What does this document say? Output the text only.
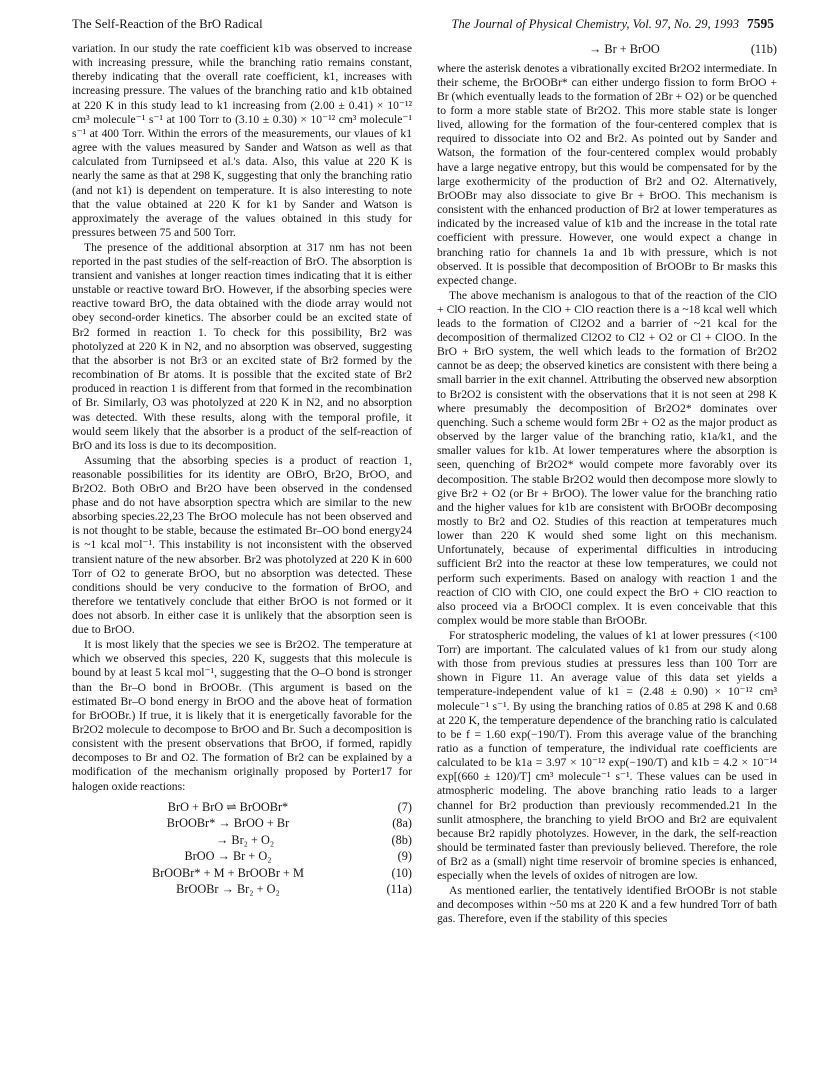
The Self-Reaction of the BrO Radical	The Journal of Physical Chemistry, Vol. 97, No. 29, 1993 7595

variation. In our study the rate coefficient k1b was observed to increase with increasing pressure, while the branching ratio remains constant, thereby indicating that the overall rate coefficient, k1, increases with increasing pressure. The values of the branching ratio and k1b obtained at 220 K in this study lead to k1 increasing from (2.00 ± 0.41) × 10⁻¹² cm³ molecule⁻¹ s⁻¹ at 100 Torr to (3.10 ± 0.30) × 10⁻¹² cm³ molecule⁻¹ s⁻¹ at 400 Torr. Within the errors of the measurements, our vlaues of k1 agree with the values measured by Sander and Watson as well as that calculated from Turnipseed et al.'s data. Also, this value at 220 K is nearly the same as that at 298 K, suggesting that only the branching ratio (and not k1) is dependent on temperature. It is also interesting to note that the value obtained at 220 K for k1 by Sander and Watson is approximately the average of the values obtained in this study for pressures between 75 and 500 Torr.

The presence of the additional absorption at 317 nm has not been reported in the past studies of the self-reaction of BrO. The absorption is transient and vanishes at longer reaction times indicating that it is either unstable or reactive toward BrO. However, if the absorbing species were reactive toward BrO, the data obtained with the diode array would not obey second-order kinetics. The absorber could be an excited state of Br2 formed in reaction 1. To check for this possibility, Br2 was photolyzed at 220 K in N2, and no absorption was observed, suggesting that the absorber is not Br3 or an excited state of Br2 formed by the recombination of Br atoms. It is possible that the excited state of Br2 produced in reaction 1 is different from that formed in the recombination of Br. Similarly, O3 was photolyzed at 220 K in N2, and no absorption was detected. With these results, along with the temporal profile, it would seem likely that the absorber is a product of the self-reaction of BrO and its loss is due to its decomposition.

Assuming that the absorbing species is a product of reaction 1, reasonable possibilities for its identity are OBrO, Br2O, BrOO, and Br2O2. Both OBrO and Br2O have been observed in the condensed phase and do not have absorption spectra which are similar to the new absorbing species.22,23 The BrOO molecule has not been observed and is not thought to be stable, because the estimated Br–OO bond energy24 is ~1 kcal mol⁻¹. This instability is not inconsistent with the observed transient nature of the new absorber. Br2 was photolyzed at 220 K in 600 Torr of O2 to generate BrOO, but no absorption was detected. These conditions should be very conducive to the formation of BrOO, and therefore we tentatively conclude that either BrOO is not formed or it does not absorb. In either case it is unlikely that the absorption seen is due to BrOO.

It is most likely that the species we see is Br2O2. The temperature at which we observed this species, 220 K, suggests that this molecule is bound by at least 5 kcal mol⁻¹, suggesting that the O–O bond is stronger than the Br–O bond in BrOOBr. (This argument is based on the estimated Br–O bond energy in BrOO and the above heat of formation for BrOOBr.) If true, it is likely that it is energetically favorable for the Br2O2 molecule to decompose to BrOO and Br. Such a decomposition is consistent with the present observations that BrOO, if formed, rapidly decomposes to Br and O2. The formation of Br2 can be explained by a modification of the mechanism originally proposed by Porter17 for halogen oxide reactions:

BrO + BrO ⇌ BrOOBr*	(7)
BrOOBr* → BrOO + Br	(8a)
→ Br₂ + O₂	(8b)
BrOO → Br + O₂	(9)
BrOOBr* + M + BrOOBr + M	(10)
BrOOBr → Br₂ + O₂	(11a)
→ Br + BrOO	(11b)

where the asterisk denotes a vibrationally excited Br2O2 intermediate. In their scheme, the BrOOBr* can either undergo fission to form BrOO + Br (which eventually leads to the formation of 2Br + O2) or be quenched to form a more stable state of Br2O2. This more stable state is longer lived, allowing for the formation of the four-centered complex that is required to dissociate into O2 and Br2. As pointed out by Sander and Watson, the formation of the four-centered complex would probably have a large negative entropy, but this would be compensated for by the large exothermicity of the production of Br2 and O2. Alternatively, BrOOBr may also dissociate to give Br + BrOO. This mechanism is consistent with the enhanced production of Br2 at lower temperatures as indicated by the increased value of k1b and the increase in the total rate coefficient with pressure. However, one would expect a change in branching ratio for channels 1a and 1b with pressure, which is not observed. It is possible that decomposition of BrOOBr to Br masks this expected change.

The above mechanism is analogous to that of the reaction of the ClO + ClO reaction. In the ClO + ClO reaction there is a ~18 kcal well which leads to the formation of Cl2O2 and a barrier of ~21 kcal for the decomposition of thermalized Cl2O2 to Cl2 + O2 or Cl + ClOO. In the BrO + BrO system, the well which leads to the formation of Br2O2 cannot be as deep; the observed kinetics are consistent with there being a small barrier in the exit channel. Attributing the observed new absorption to Br2O2 is consistent with the observations that it is not seen at 298 K where presumably the decomposition of Br2O2* dominates over quenching. Such a scheme would form 2Br + O2 as the major product as observed by the larger value of the branching ratio, k1a/k1, and the smaller values for k1b. At lower temperatures where the absorption is seen, quenching of Br2O2* would compete more favorably over its decomposition. The stable Br2O2 would then decompose more slowly to give Br2 + O2 (or Br + BrOO). The lower value for the branching ratio and the higher values for k1b are consistent with BrOOBr decomposing mostly to Br2 and O2. Studies of this reaction at temperatures much lower than 220 K would shed some light on this mechanism. Unfortunately, because of experimental difficulties in introducing sufficient Br2 into the reactor at these low temperatures, we could not perform such experiments. Based on analogy with reaction 1 and the reaction of ClO with ClO, one could expect the BrO + ClO reaction to also proceed via a BrOOCl complex. It is even conceivable that this complex would be more stable than BrOOBr.

For stratospheric modeling, the values of k1 at lower pressures (<100 Torr) are important. The calculated values of k1 from our study along with those from previous studies at pressures less than 100 Torr are shown in Figure 11. An average value of this data set yields a temperature-independent value of k1 = (2.48 ± 0.90) × 10⁻¹² cm³ molecule⁻¹ s⁻¹. By using the branching ratios of 0.85 at 298 K and 0.68 at 220 K, the temperature dependence of the branching ratio is calculated to be f = 1.60 exp(−190/T). From this average value of the branching ratio as a function of temperature, the individual rate coefficients are calculated to be k1a = 3.97 × 10⁻¹² exp(−190/T) and k1b = 4.2 × 10⁻¹⁴ exp[(660 ± 120)/T] cm³ molecule⁻¹ s⁻¹. These values can be used in atmospheric modeling. The above branching ratio leads to a larger channel for Br2 production than previously recommended.21 In the sunlit atmosphere, the branching to yield BrOO and Br2 are equivalent because Br2 rapidly photolyzes. However, in the dark, the self-reaction should be terminated faster than previously believed. Therefore, the role of Br2 as a (small) night time reservoir of bromine species is enhanced, especially when the levels of oxides of nitrogen are low.

As mentioned earlier, the tentatively identified BrOOBr is not stable and decomposes within ~50 ms at 220 K and a few hundred Torr of bath gas. Therefore, even if the stability of this species
